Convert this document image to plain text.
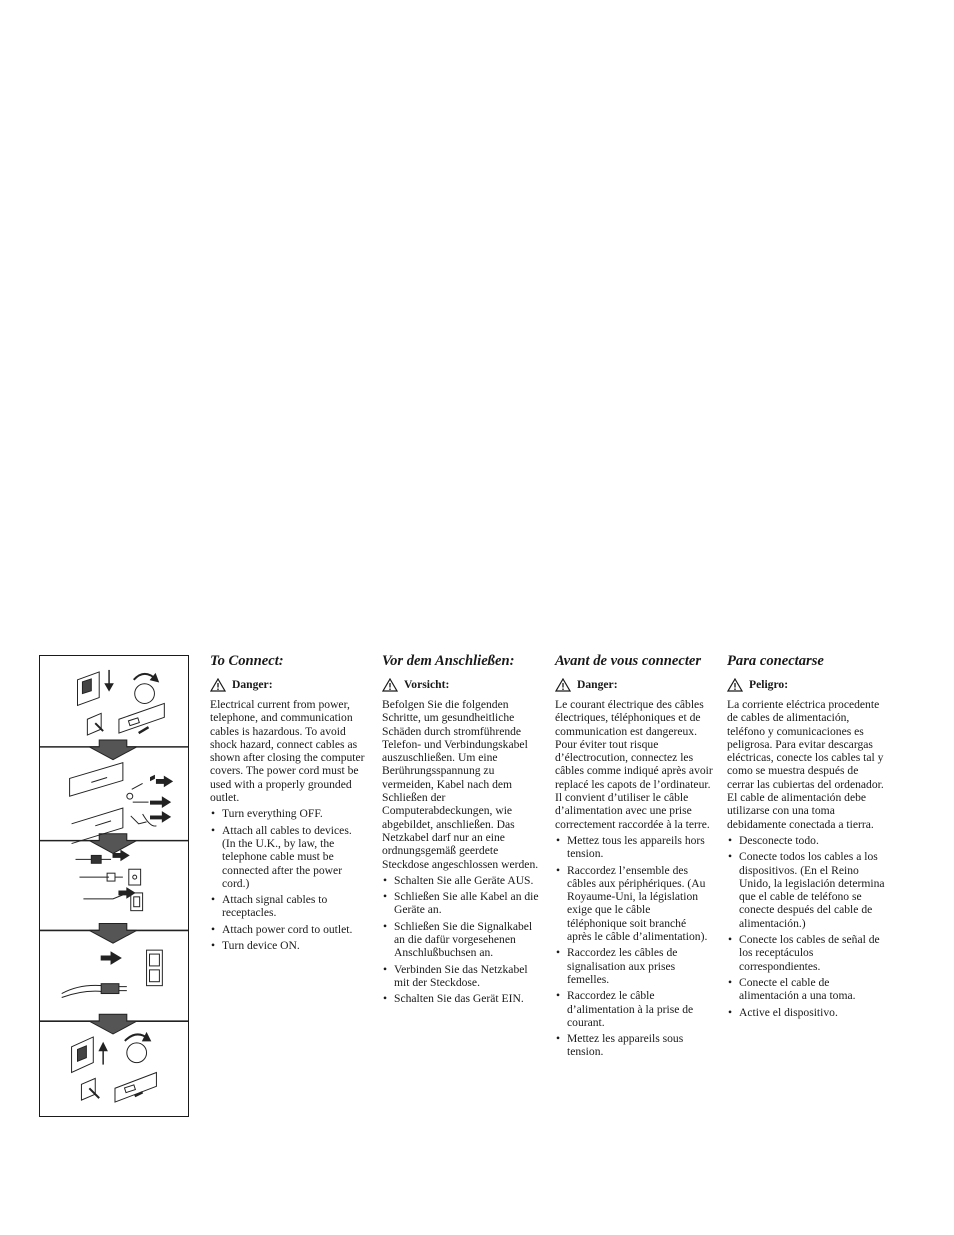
To Connect:
Danger:

Electrical current from power, telephone, and communication cables is hazardous. To avoid shock hazard, connect cables as shown after closing the computer covers. The power cord must be used with a properly grounded outlet.

• Turn everything OFF.
• Attach all cables to devices. (In the U.K., by law, the telephone cable must be connected after the power cord.)
• Attach signal cables to receptacles.
• Attach power cord to outlet.
• Turn device ON.
Vor dem Anschließen:
Vorsicht:

Befolgen Sie die folgenden Schritte, um gesundheitliche Schäden durch stromführende Telefon- und Verbindungskabel auszuschließen. Um eine Berührungsspannung zu vermeiden, Kabel nach dem Schließen der Computerabdeckungen, wie abgebildet, anschließen. Das Netzkabel darf nur an eine ordnungsgemäß geerdete Steckdose angeschlossen werden.

• Schalten Sie alle Geräte AUS.
• Schließen Sie alle Kabel an die Geräte an.
• Schließen Sie die Signalkabel an die dafür vorgesehenen Anschlußbuchsen an.
• Verbinden Sie das Netzkabel mit der Steckdose.
• Schalten Sie das Gerät EIN.
Avant de vous connecter
Danger:

Le courant électrique des câbles électriques, téléphoniques et de communication est dangereux. Pour éviter tout risque d’électrocution, connectez les câbles comme indiqué après avoir replacé les capots de l’ordinateur. Il convient d’utiliser le câble d’alimentation avec une prise correctement raccordée à la terre.

• Mettez tous les appareils hors tension.
• Raccordez l’ensemble des câbles aux périphériques. (Au Royaume-Uni, la législation exige que le câble téléphonique soit branché après le câble d’alimentation).
• Raccordez les câbles de signalisation aux prises femelles.
• Raccordez le câble d’alimentation à la prise de courant.
• Mettez les appareils sous tension.
Para conectarse
Peligro:

La corriente eléctrica procedente de cables de alimentación, teléfono y comunicaciones es peligrosa. Para evitar descargas eléctricas, conecte los cables tal y como se muestra después de cerrar las cubiertas del ordenador. El cable de alimentación debe utilizarse con una toma debidamente conectada a tierra.

• Desconecte todo.
• Conecte todos los cables a los dispositivos. (En el Reino Unido, la legislación determina que el cable de teléfono se conecte después del cable de alimentación.)
• Conecte los cables de señal de los receptáculos correspondientes.
• Conecte el cable de alimentación a una toma.
• Active el dispositivo.
